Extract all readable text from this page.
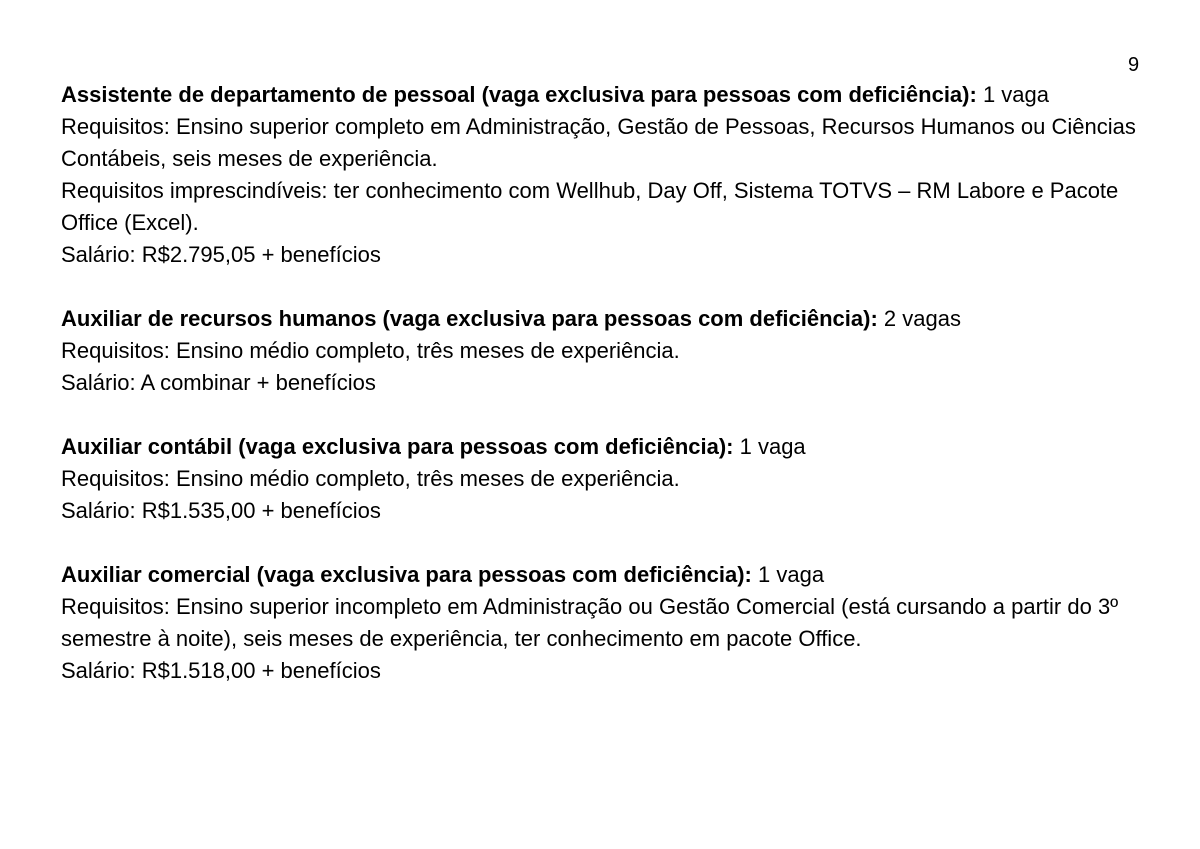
9

Assistente de departamento de pessoal (vaga exclusiva para pessoas com deficiência): 1 vaga

Requisitos: Ensino superior completo em Administração, Gestão de Pessoas, Recursos Humanos ou Ciências Contábeis, seis meses de experiência.

Requisitos imprescindíveis: ter conhecimento com Wellhub, Day Off, Sistema TOTVS – RM Labore e Pacote Office (Excel).

Salário: R$2.795,05 + benefícios

Auxiliar de recursos humanos (vaga exclusiva para pessoas com deficiência): 2 vagas

Requisitos: Ensino médio completo, três meses de experiência.

Salário: A combinar + benefícios

Auxiliar contábil (vaga exclusiva para pessoas com deficiência): 1 vaga

Requisitos: Ensino médio completo, três meses de experiência.

Salário: R$1.535,00 + benefícios

Auxiliar comercial (vaga exclusiva para pessoas com deficiência): 1 vaga

Requisitos: Ensino superior incompleto em Administração ou Gestão Comercial (está cursando a partir do 3º semestre à noite), seis meses de experiência, ter conhecimento em pacote Office.

Salário: R$1.518,00 + benefícios
